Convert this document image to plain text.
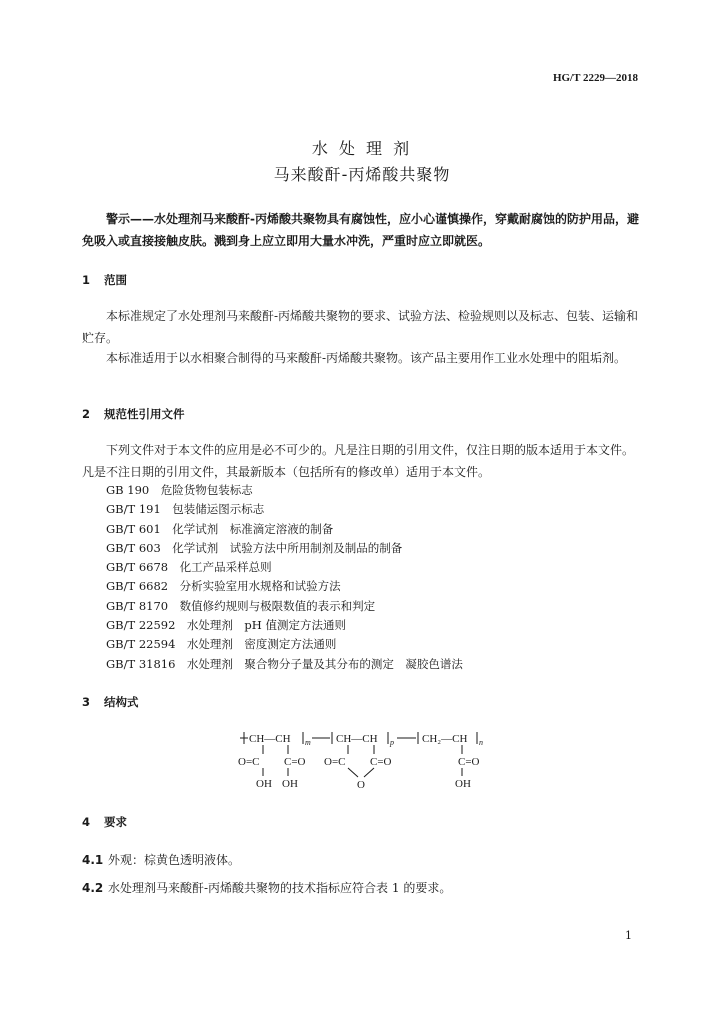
HG/T 2229—2018
水 处 理 剂
马来酸酐-丙烯酸共聚物
警示——水处理剂马来酸酐-丙烯酸共聚物具有腐蚀性，应小心谨慎操作，穿戴耐腐蚀的防护用品，避免吸入或直接接触皮肤。溅到身上应立即用大量水冲洗，严重时应立即就医。
1 范围
本标准规定了水处理剂马来酸酐-丙烯酸共聚物的要求、试验方法、检验规则以及标志、包装、运输和贮存。
本标准适用于以水相聚合制得的马来酸酐-丙烯酸共聚物。该产品主要用作工业水处理中的阻垢剂。
2 规范性引用文件
下列文件对于本文件的应用是必不可少的。凡是注日期的引用文件，仅注日期的版本适用于本文件。凡是不注日期的引用文件，其最新版本（包括所有的修改单）适用于本文件。
GB 190　危险货物包装标志
GB/T 191　包装储运图示标志
GB/T 601　化学试剂　标准滴定溶液的制备
GB/T 603　化学试剂　试验方法中所用制剂及制品的制备
GB/T 6678　化工产品采样总则
GB/T 6682　分析实验室用水规格和试验方法
GB/T 8170　数值修约规则与极限数值的表示和判定
GB/T 22592　水处理剂　pH 值测定方法通则
GB/T 22594　水处理剂　密度测定方法通则
GB/T 31816　水处理剂　聚合物分子量及其分布的测定　凝胶色谱法
3 结构式
CH—CH m CH—CH p	CH₂—CH n
O=C C=O O=C C=O	C=O
OH OH	OH
O
4 要求
4.1 外观：棕黄色透明液体。
4.2 水处理剂马来酸酐-丙烯酸共聚物的技术指标应符合表 1 的要求。
1
